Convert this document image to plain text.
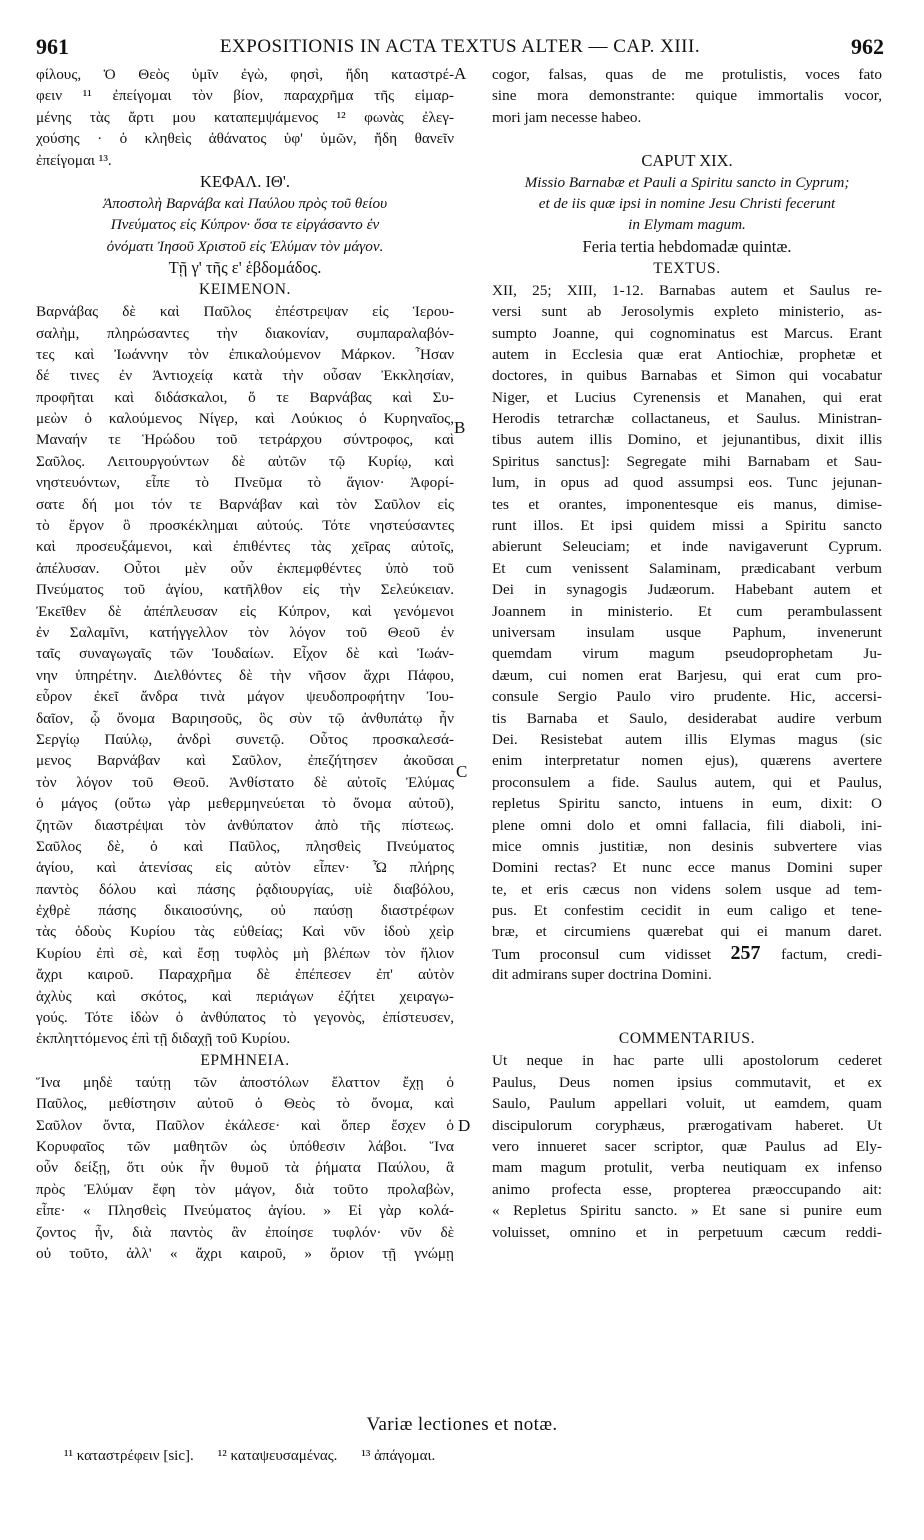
961	EXPOSITIONIS IN ACTA TEXTUS ALTER — CAP. XIII.	962
A
B
C
D
φίλους, Ὁ Θεὸς ὑμῖν ἐγὼ, φησὶ, ἤδη καταστρέ-
φειν ¹¹ ἐπείγομαι τὸν βίον, παραχρῆμα τῆς εἱμαρ-
μένης τὰς ἄρτι μου καταπεμψάμενος ¹² φωνὰς ἐλεγ-
χούσης · ὁ κληθεὶς ἀθάνατος ὑφ' ὑμῶν, ἤδη θανεῖν
ἐπείγομαι ¹³.
ΚΕΦΑΛ. ΙΘ'.
Ἀποστολὴ Βαρνάβα καὶ Παύλου πρὸς τοῦ θείου
Πνεύματος εἰς Κύπρον· ὅσα τε εἰργάσαντο ἐν
ὀνόματι Ἰησοῦ Χριστοῦ εἰς Ἐλύμαν τὸν μάγον.
Τῇ γ' τῆς ε' ἑβδομάδος.
ΚΕΙΜΕΝΟΝ.
Βαρνάβας δὲ καὶ Παῦλος ἐπέστρεψαν εἰς Ἱερου-
σαλὴμ, πληρώσαντες τὴν διακονίαν, συμπαραλαβόν-
τες καὶ Ἰωάννην τὸν ἐπικαλούμενον Μάρκον. Ἦσαν
δέ τινες ἐν Ἀντιοχείᾳ κατὰ τὴν οὖσαν Ἐκκλησίαν,
προφῆται καὶ διδάσκαλοι, ὅ τε Βαρνάβας καὶ Συ-
μεὼν ὁ καλούμενος Νίγερ, καὶ Λούκιος ὁ Κυρηναῖος,
Μαναήν τε Ἡρώδου τοῦ τετράρχου σύντροφος, καὶ
Σαῦλος. Λειτουργούντων δὲ αὐτῶν τῷ Κυρίῳ, καὶ
νηστευόντων, εἶπε τὸ Πνεῦμα τὸ ἅγιον· Ἀφορί-
σατε δή μοι τόν τε Βαρνάβαν καὶ τὸν Σαῦλον εἰς
τὸ ἔργον ὃ προσκέκλημαι αὐτούς. Τότε νηστεύσαντες
καὶ προσευξάμενοι, καὶ ἐπιθέντες τὰς χεῖρας αὐτοῖς,
ἀπέλυσαν. Οὗτοι μὲν οὖν ἐκπεμφθέντες ὑπὸ τοῦ
Πνεύματος τοῦ ἁγίου, κατῆλθον εἰς τὴν Σελεύκειαν.
Ἐκεῖθεν δὲ ἀπέπλευσαν εἰς Κύπρον, καὶ γενόμενοι
ἐν Σαλαμῖνι, κατήγγελλον τὸν λόγον τοῦ Θεοῦ ἐν
ταῖς συναγωγαῖς τῶν Ἰουδαίων. Εἶχον δὲ καὶ Ἰωάν-
νην ὑπηρέτην. Διελθόντες δὲ τὴν νῆσον ἄχρι Πάφου,
εὗρον ἐκεῖ ἄνδρα τινὰ μάγον ψευδοπροφήτην Ἰου-
δαῖον, ᾧ ὄνομα Βαριησοῦς, ὃς σὺν τῷ ἀνθυπάτῳ ἦν
Σεργίῳ Παύλῳ, ἀνδρὶ συνετῷ. Οὗτος προσκαλεσά-
μενος Βαρνάβαν καὶ Σαῦλον, ἐπεζήτησεν ἀκοῦσαι
τὸν λόγον τοῦ Θεοῦ. Ἀνθίστατο δὲ αὐτοῖς Ἐλύμας
ὁ μάγος (οὕτω γὰρ μεθερμηνεύεται τὸ ὄνομα αὐτοῦ),
ζητῶν διαστρέψαι τὸν ἀνθύπατον ἀπὸ τῆς πίστεως.
Σαῦλος δὲ, ὁ καὶ Παῦλος, πλησθεὶς Πνεύματος
ἁγίου, καὶ ἀτενίσας εἰς αὐτὸν εἶπεν· Ὦ πλήρης
παντὸς δόλου καὶ πάσης ῥᾳδιουργίας, υἱὲ διαβόλου,
ἐχθρὲ πάσης δικαιοσύνης, οὐ παύσῃ διαστρέφων
τὰς ὁδοὺς Κυρίου τὰς εὐθείας; Καὶ νῦν ἰδοὺ χεὶρ
Κυρίου ἐπὶ σὲ, καὶ ἔσῃ τυφλὸς μὴ βλέπων τὸν ἥλιον
ἄχρι καιροῦ. Παραχρῆμα δὲ ἐπέπεσεν ἐπ' αὐτὸν
ἀχλὺς καὶ σκότος, καὶ περιάγων ἐζήτει χειραγω-
γούς. Τότε ἰδὼν ὁ ἀνθύπατος τὸ γεγονὸς, ἐπίστευσεν,
ἐκπληττόμενος ἐπὶ τῇ διδαχῇ τοῦ Κυρίου.
ΕΡΜΗΝΕΙΑ.
Ἵνα μηδὲ ταύτῃ τῶν ἀποστόλων ἔλαττον ἔχῃ ὁ
Παῦλος, μεθίστησιν αὐτοῦ ὁ Θεὸς τὸ ὄνομα, καὶ
Σαῦλον ὄντα, Παῦλον ἐκάλεσε· καὶ ὅπερ ἔσχεν ὁ
Κορυφαῖος τῶν μαθητῶν ὡς ὑπόθεσιν λάβοι. Ἵνα
οὖν δείξῃ, ὅτι οὐκ ἦν θυμοῦ τὰ ῥήματα Παύλου, ἃ
πρὸς Ἐλύμαν ἔφη τὸν μάγον, διὰ τοῦτο προλαβὼν,
εἶπε· « Πλησθεὶς Πνεύματος ἁγίου. » Εἰ γὰρ κολά-
ζοντος ἦν, διὰ παντὸς ἂν ἐποίησε τυφλόν· νῦν δὲ
οὐ τοῦτο, ἀλλ' « ἄχρι καιροῦ, » ὅριον τῇ γνώμῃ
cogor, falsas, quas de me protulistis, voces fato
sine mora demonstrante: quique immortalis vocor,
mori jam necesse habeo.
CAPUT XIX.
Missio Barnabæ et Pauli a Spiritu sancto in Cyprum;
et de iis quæ ipsi in nomine Jesu Christi fecerunt
in Elymam magum.
Feria tertia hebdomadæ quintæ.
TEXTUS.
XII, 25; XIII, 1-12. Barnabas autem et Saulus re-
versi sunt ab Jerosolymis expleto ministerio, as-
sumpto Joanne, qui cognominatus est Marcus. Erant
autem in Ecclesia quæ erat Antiochiæ, prophetæ et
doctores, in quibus Barnabas et Simon qui vocabatur
Niger, et Lucius Cyrenensis et Manahen, qui erat
Herodis tetrarchæ collactaneus, et Saulus. Ministran-
tibus autem illis Domino, et jejunantibus, dixit illis
Spiritus sanctus]: Segregate mihi Barnabam et Sau-
lum, in opus ad quod assumpsi eos. Tunc jejunan-
tes et orantes, imponentesque eis manus, dimise-
runt illos. Et ipsi quidem missi a Spiritu sancto
abierunt Seleuciam; et inde navigaverunt Cyprum.
Et cum venissent Salaminam, prædicabant verbum
Dei in synagogis Judæorum. Habebant autem et
Joannem in ministerio. Et cum perambulassent
universam insulam usque Paphum, invenerunt
quemdam virum magum pseudoprophetam Ju-
dæum, cui nomen erat Barjesu, qui erat cum pro-
consule Sergio Paulo viro prudente. Hic, accersi-
tis Barnaba et Saulo, desiderabat audire verbum
Dei. Resistebat autem illis Elymas magus (sic
enim interpretatur nomen ejus), quærens avertere
proconsulem a fide. Saulus autem, qui et Paulus,
repletus Spiritu sancto, intuens in eum, dixit: O
plene omni dolo et omni fallacia, fili diaboli, ini-
mice omnis justitiæ, non desinis subvertere vias
Domini rectas? Et nunc ecce manus Domini super
te, et eris cæcus non videns solem usque ad tem-
pus. Et confestim cecidit in eum caligo et tene-
bræ, et circumiens quærebat qui ei manum daret.
Tum proconsul cum vidisset 257 factum, credi-
dit admirans super doctrina Domini.
COMMENTARIUS.
Ut neque in hac parte ulli apostolorum cederet
Paulus, Deus nomen ipsius commutavit, et ex
Saulo, Paulum appellari voluit, ut eamdem, quam
discipulorum coryphæus, prærogativam haberet. Ut
vero innueret sacer scriptor, quæ Paulus ad Ely-
mam magum protulit, verba neutiquam ex infenso
animo profecta esse, propterea præoccupando ait:
« Repletus Spiritu sancto. » Et sane si punire eum
voluisset, omnino et in perpetuum cæcum reddi-
Variæ lectiones et notæ.
¹¹ καταστρέφειν [sic]. ¹² καταψευσαμένας. ¹³ ἀπάγομαι.
